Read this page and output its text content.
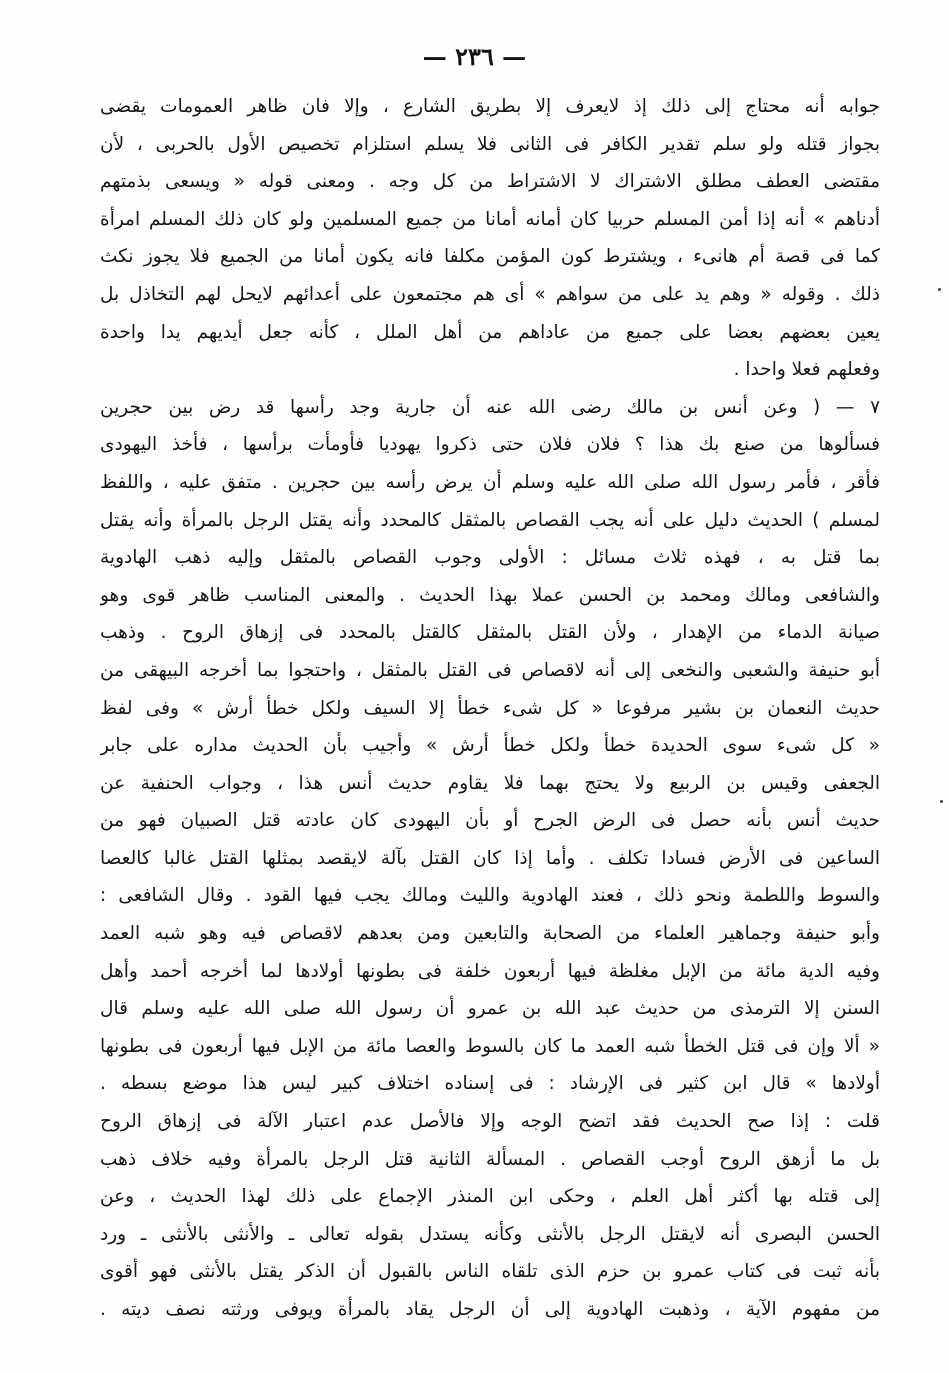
— ٢٣٦ —
جوابه أنه محتاج إلى ذلك إذ لايعرف إلا بطريق الشارع ، وإلا فان ظاهر العمومات يقضى
بجواز قتله ولو سلم تقدير الكافر فى الثانى فلا يسلم استلزام تخصيص الأول بالحربى ، لأن
مقتضى العطف مطلق الاشتراك لا الاشتراط من كل وجه . ومعنى قوله « ويسعى بذمتهم
أدناهم » أنه إذا أمن المسلم حربيا كان أمانه أمانا من جميع المسلمين ولو كان ذلك المسلم امرأة
كما فى قصة أم هانىء ، ويشترط كون المؤمن مكلفا فانه يكون أمانا من الجميع فلا يجوز نكث
ذلك . وقوله « وهم يد على من سواهم » أى هم مجتمعون على أعدائهم لايحل لهم التخاذل بل
يعين بعضهم بعضا على جميع من عاداهم من أهل الملل ، كأنه جعل أيديهم يدا واحدة
وفعلهم فعلا واحدا .
٧ — ( وعن أنس بن مالك رضى الله عنه أن جارية وجد رأسها قد رض بين حجرين
فسألوها من صنع بك هذا ؟ فلان فلان حتى ذكروا يهوديا فأومأت برأسها ، فأخذ اليهودى
فأقر ، فأمر رسول الله صلى الله عليه وسلم أن يرض رأسه بين حجرين . متفق عليه ، واللفظ
لمسلم ) الحديث دليل على أنه يجب القصاص بالمثقل كالمحدد وأنه يقتل الرجل بالمرأة وأنه يقتل
بما قتل به ، فهذه ثلاث مسائل : الأولى وجوب القصاص بالمثقل وإليه ذهب الهادوية
والشافعى ومالك ومحمد بن الحسن عملا بهذا الحديث . والمعنى المناسب ظاهر قوى وهو
صيانة الدماء من الإهدار ، ولأن القتل بالمثقل كالقتل بالمحدد فى إزهاق الروح . وذهب
أبو حنيفة والشعبى والنخعى إلى أنه لاقصاص فى القتل بالمثقل ، واحتجوا بما أخرجه البيهقى من
حديث النعمان بن بشير مرفوعا « كل شىء خطأ إلا السيف ولكل خطأ أرش » وفى لفظ
« كل شىء سوى الحديدة خطأ ولكل خطأ أرش » وأجيب بأن الحديث مداره على جابر
الجعفى وقيس بن الربيع ولا يحتج بهما فلا يقاوم حديث أنس هذا ، وجواب الحنفية عن
حديث أنس بأنه حصل فى الرض الجرح أو بأن اليهودى كان عادته قتل الصبيان فهو من
الساعين فى الأرض فسادا تكلف . وأما إذا كان القتل بآلة لايقصد بمثلها القتل غالبا كالعصا
والسوط واللطمة ونحو ذلك ، فعند الهادوية والليث ومالك يجب فيها القود . وقال الشافعى :
وأبو حنيفة وجماهير العلماء من الصحابة والتابعين ومن بعدهم لاقصاص فيه وهو شبه العمد
وفيه الدية مائة من الإبل مغلظة فيها أربعون خلفة فى بطونها أولادها لما أخرجه أحمد وأهل
السنن إلا الترمذى من حديث عبد الله بن عمرو أن رسول الله صلى الله عليه وسلم قال
« ألا وإن فى قتل الخطأ شبه العمد ما كان بالسوط والعصا مائة من الإبل فيها أربعون فى بطونها
أولادها » قال ابن كثير فى الإرشاد : فى إسناده اختلاف كبير ليس هذا موضع بسطه .
قلت : إذا صح الحديث فقد اتضح الوجه وإلا فالأصل عدم اعتبار الآلة فى إزهاق الروح
بل ما أزهق الروح أوجب القصاص . المسألة الثانية قتل الرجل بالمرأة وفيه خلاف ذهب
إلى قتله بها أكثر أهل العلم ، وحكى ابن المنذر الإجماع على ذلك لهذا الحديث ، وعن
الحسن البصرى أنه لايقتل الرجل بالأنثى وكأنه يستدل بقوله تعالى ـ والأنثى بالأنثى ـ ورد
بأنه ثبت فى كتاب عمرو بن حزم الذى تلقاه الناس بالقبول أن الذكر يقتل بالأنثى فهو أقوى
من مفهوم الآية ، وذهبت الهادوية إلى أن الرجل يقاد بالمرأة ويوفى ورثته نصف ديته .
